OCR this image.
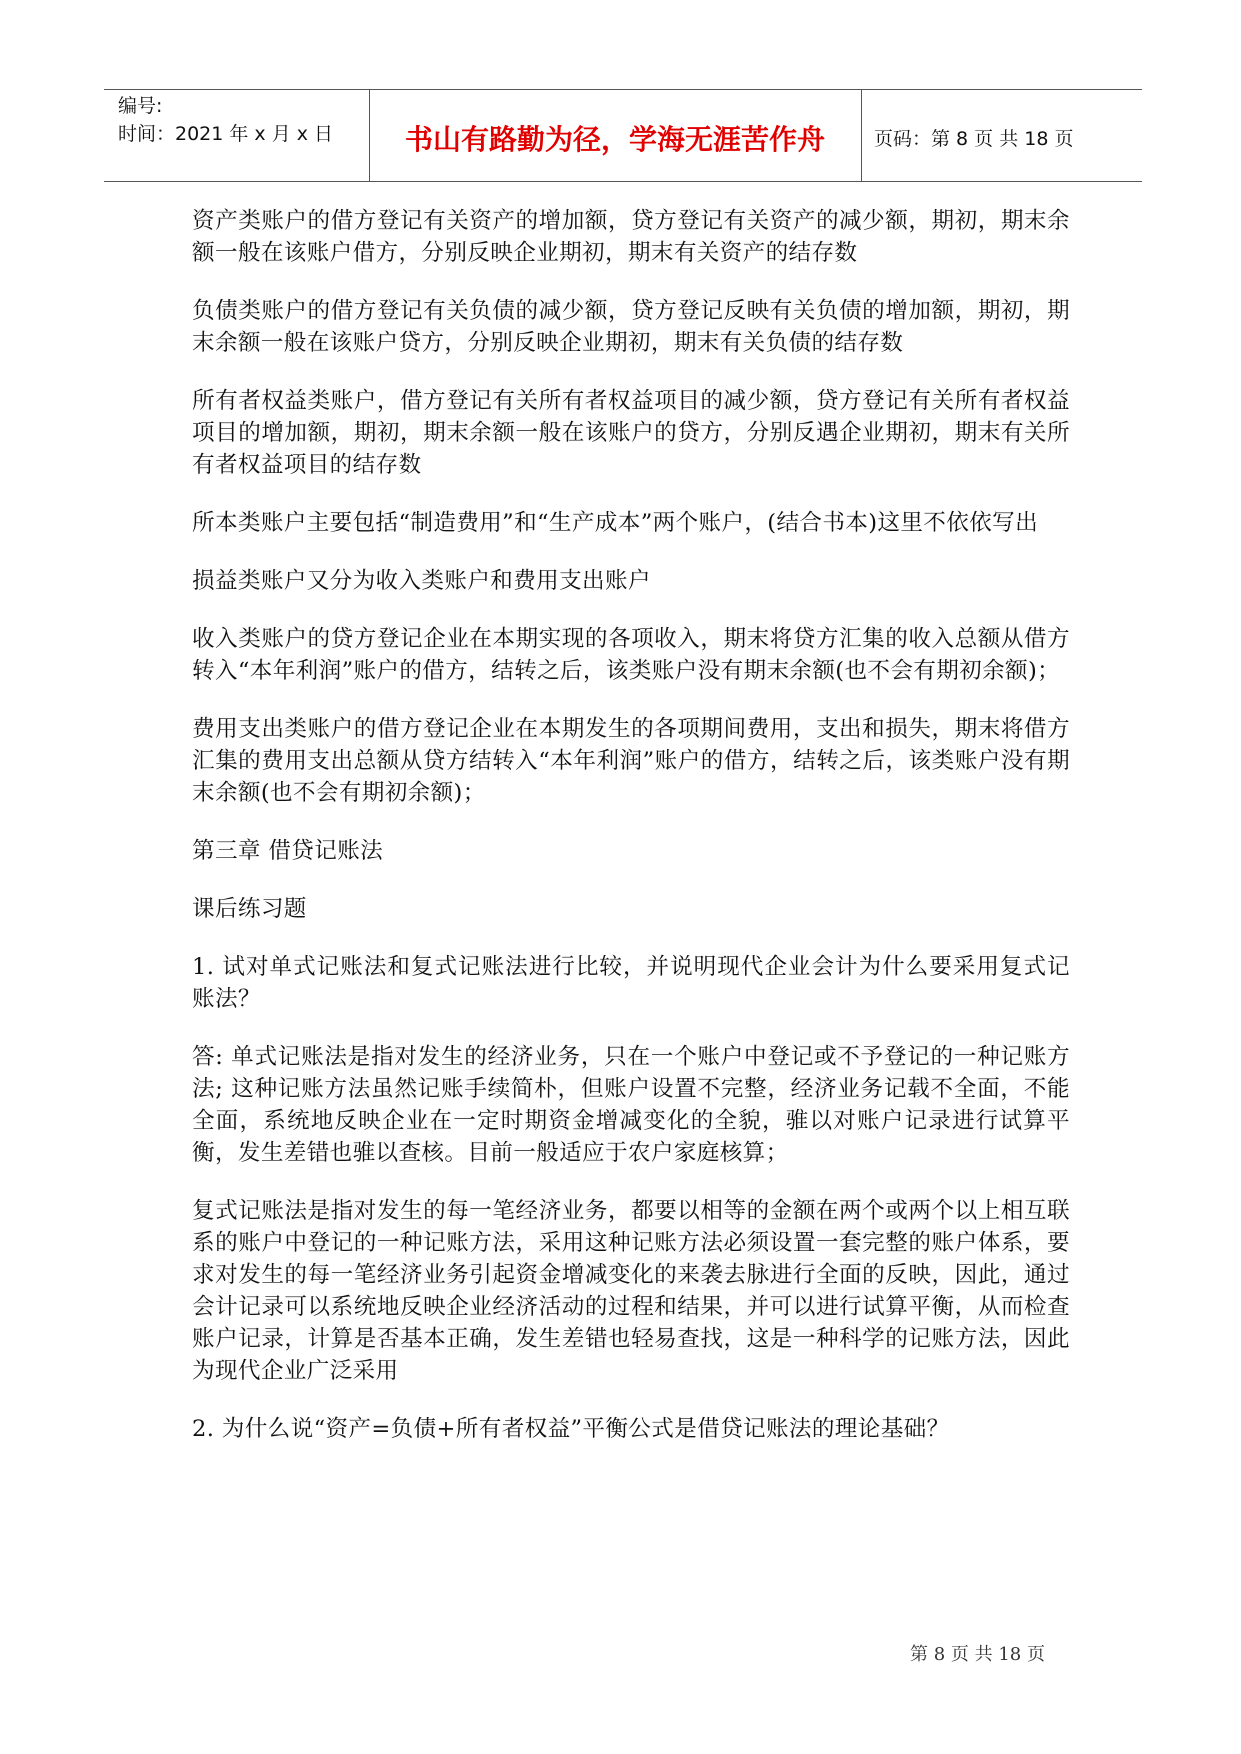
编号:
时间：2021 年 x 月 x 日	书山有路勤为径，学海无涯苦作舟	页码：第 8 页 共 18 页

资产类账户的借方登记有关资产的增加额，贷方登记有关资产的减少额，期初，期末余额一般在该账户借方，分别反映企业期初，期末有关资产的结存数

负债类账户的借方登记有关负债的减少额，贷方登记反映有关负债的增加额，期初，期末余额一般在该账户贷方，分别反映企业期初，期末有关负债的结存数

所有者权益类账户，借方登记有关所有者权益项目的减少额，贷方登记有关所有者权益项目的增加额，期初，期末余额一般在该账户的贷方，分别反遇企业期初，期末有关所有者权益项目的结存数

所本类账户主要包括“制造费用”和“生产成本”两个账户，(结合书本)这里不依依写出

损益类账户又分为收入类账户和费用支出账户

收入类账户的贷方登记企业在本期实现的各项收入，期末将贷方汇集的收入总额从借方转入“本年利润”账户的借方，结转之后，该类账户没有期末余额(也不会有期初余额)；

费用支出类账户的借方登记企业在本期发生的各项期间费用，支出和损失，期末将借方汇集的费用支出总额从贷方结转入“本年利润”账户的借方，结转之后，该类账户没有期末余额(也不会有期初余额)；

第三章 借贷记账法

课后练习题

1. 试对单式记账法和复式记账法进行比较，并说明现代企业会计为什么要采用复式记账法？

答: 单式记账法是指对发生的经济业务，只在一个账户中登记或不予登记的一种记账方法; 这种记账方法虽然记账手续简朴，但账户设置不完整，经济业务记载不全面，不能全面，系统地反映企业在一定时期资金增减变化的全貌，骓以对账户记录进行试算平衡，发生差错也骓以查核。目前一般适应于农户家庭核算；

复式记账法是指对发生的每一笔经济业务，都要以相等的金额在两个或两个以上相互联系的账户中登记的一种记账方法，采用这种记账方法必须设置一套完整的账户体系，要求对发生的每一笔经济业务引起资金增减变化的来袭去脉进行全面的反映，因此，通过会计记录可以系统地反映企业经济活动的过程和结果，并可以进行试算平衡，从而检查账户记录，计算是否基本正确，发生差错也轻易查找，这是一种科学的记账方法，因此为现代企业广泛采用

2. 为什么说“资产=负债+所有者权益”平衡公式是借贷记账法的理论基础？

第 8 页 共 18 页
